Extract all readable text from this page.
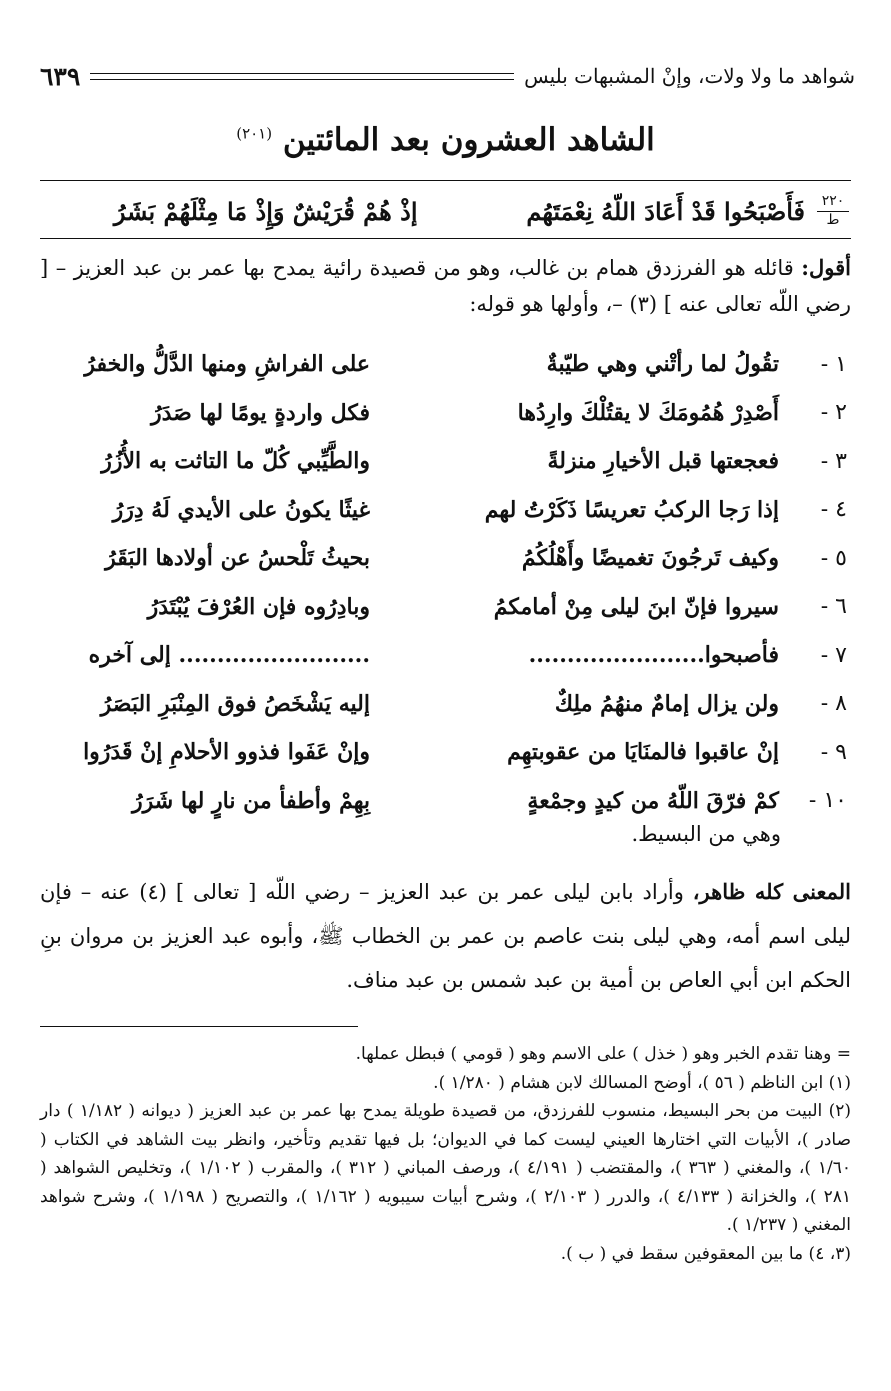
شواهد ما ولا ولات، وإنْ المشبهات بليس
٦٣٩
الشاهد العشرون بعد المائتين $^{(٢٠١)}$
٢٢٠
ط
فَأَصْبَحُوا قَدْ أَعَادَ اللّهُ نِعْمَتَهُم
إذْ هُمْ قُرَيْشٌ وَإِذْ مَا مِثْلَهُمْ بَشَرُ
أقول: قائله هو الفرزدق همام بن غالب، وهو من قصيدة رائية يمدح بها عمر بن عبد العزيز – [ رضي اللّه تعالى عنه ] (٣) –، وأولها هو قوله:
١ -
تقُولُ لما رأتْني وهي طيّبةٌ
على الفراشِ ومنها الدَّلُّ والخفرُ
٢ -
أَصْدِرْ هُمُومَكَ لا يقتُلْكَ وارِدُها
فكل واردةٍ يومًا لها صَدَرُ
٣ -
فعجعتها قبل الأخيارِ منزلةً
والطَّيِّبي كُلّ ما التاثت به الأُزُرُ
٤ -
إذا رَجا الركبُ تعريسًا ذَكَرْتُ لهم
غيثًا يكونُ على الأيدي لَهُ دِرَرُ
٥ -
وكيف تَرجُونَ تغميضًا وأَهْلُكُمُ
بحيثُ تَلْحسُ عن أولادها البَقَرُ
٦ -
سيروا فإنّ ابنَ ليلى مِنْ أمامكمُ
وبادِرُوه فإن العُرْفَ يُبْتَدَرُ
٧ -
فأصبحوا.......................
......................... إلى آخره
٨ -
ولن يزال إمامٌ منهُمُ ملِكٌ
إليه يَشْخَصُ فوق المِنْبَرِ البَصَرُ
٩ -
إنْ عاقبوا فالمنَايَا من عقوبتهِم
وإنْ عَفَوا فذوو الأحلامِ إنْ قَدَرُوا
١٠ -
كمْ فرّقَ اللّهُ من كيدٍ وجمْعةٍ
بِهِمْ وأطفأ من نارٍ لها شَرَرُ
وهي من البسيط.
المعنى كله ظاهر، وأراد بابن ليلى عمر بن عبد العزيز – رضي اللّه [ تعالى ] (٤) عنه – فإن ليلى اسم أمه، وهي ليلى بنت عاصم بن عمر بن الخطاب ﷺ، وأبوه عبد العزيز بن مروان بنِ الحكم ابن أبي العاص بن أمية بن عبد شمس بن عبد مناف.

= وهنا تقدم الخبر وهو ( خذل ) على الاسم وهو ( قومي ) فبطل عملها.

(١) ابن الناظم ( ٥٦ )، أوضح المسالك لابن هشام ( ١/٢٨٠ ).

(٢) البيت من بحر البسيط، منسوب للفرزدق، من قصيدة طويلة يمدح بها عمر بن عبد العزيز ( ديوانه ( ١/١٨٢ ) دار صادر )، الأبيات التي اختارها العيني ليست كما في الديوان؛ بل فيها تقديم وتأخير، وانظر بيت الشاهد في الكتاب ( ١/٦٠ )، والمغني ( ٣٦٣ )، والمقتضب ( ٤/١٩١ )، ورصف المباني ( ٣١٢ )، والمقرب ( ١/١٠٢ )، وتخليص الشواهد ( ٢٨١ )، والخزانة ( ٤/١٣٣ )، والدرر ( ٢/١٠٣ )، وشرح أبيات سيبويه ( ١/١٦٢ )، والتصريح ( ١/١٩٨ )، وشرح شواهد المغني ( ١/٢٣٧ ).

(٣، ٤) ما بين المعقوفين سقط في ( ب ).
